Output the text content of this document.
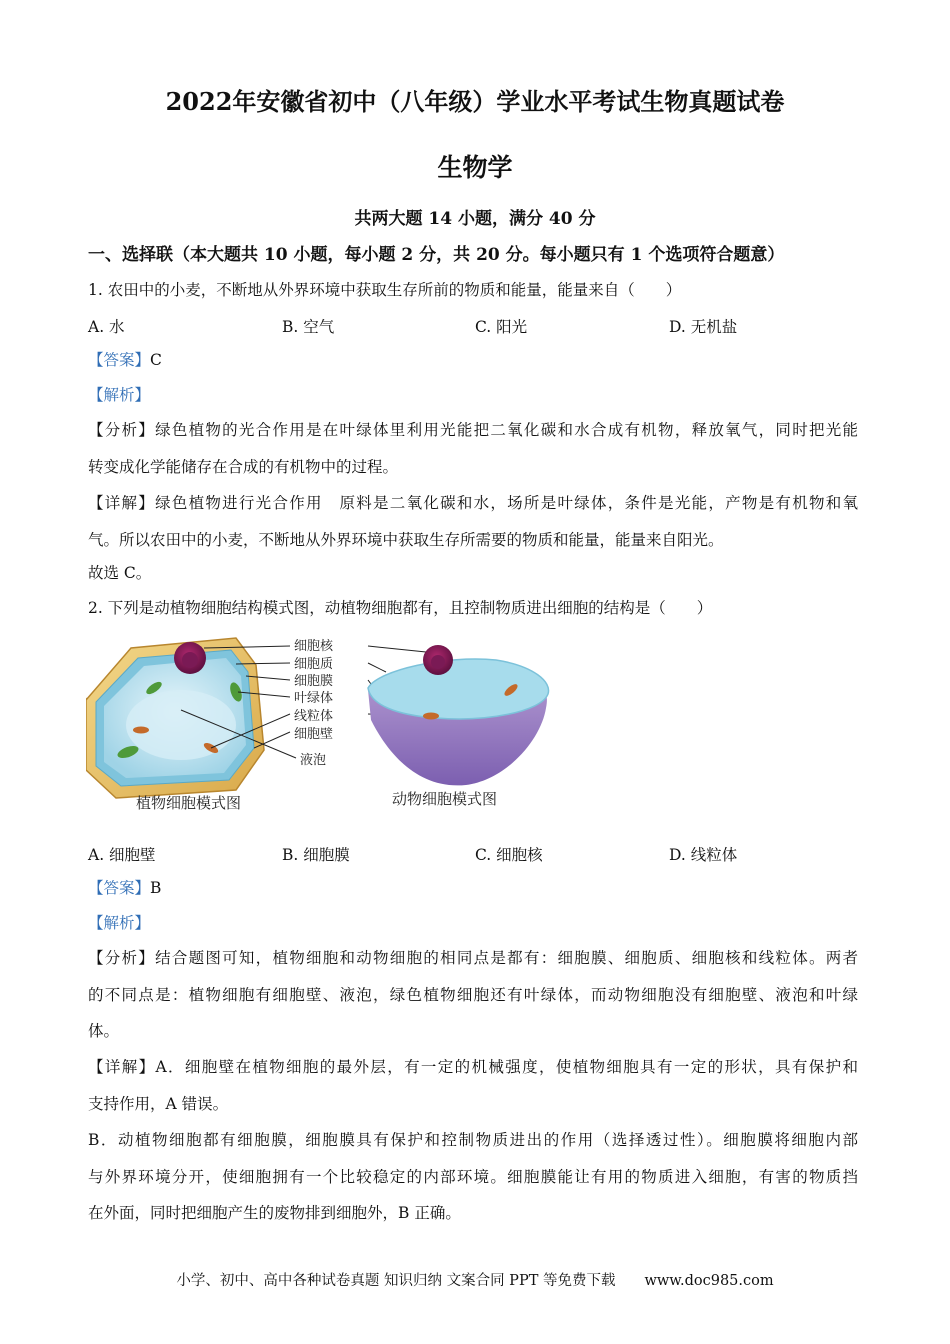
2022年安徽省初中（八年级）学业水平考试生物真题试卷
生物学
共两大题 14 小题，满分 40 分
一、选择联（本大题共 10 小题，每小题 2 分，共 20 分。每小题只有 1 个选项符合题意）
1. 农田中的小麦，不断地从外界环境中获取生存所前的物质和能量，能量来自（　　）
A. 水	B. 空气	C. 阳光	D. 无机盐
【答案】C
【解析】
【分析】绿色植物的光合作用是在叶绿体里利用光能把二氧化碳和水合成有机物，释放氧气，同时把光能
转变成化学能储存在合成的有机物中的过程。
【详解】绿色植物进行光合作用　原料是二氧化碳和水，场所是叶绿体，条件是光能，产物是有机物和氧
气。所以农田中的小麦，不断地从外界环境中获取生存所需要的物质和能量，能量来自阳光。
故选 C。
2. 下列是动植物细胞结构模式图，动植物细胞都有，且控制物质进出细胞的结构是（　　）
细胞核
细胞质
细胞膜
叶绿体
线粒体
细胞壁
液泡
植物细胞模式图	动物细胞模式图
A. 细胞壁	B. 细胞膜	C. 细胞核	D. 线粒体
【答案】B
【解析】
【分析】结合题图可知，植物细胞和动物细胞的相同点是都有：细胞膜、细胞质、细胞核和线粒体。两者
的不同点是：植物细胞有细胞壁、液泡，绿色植物细胞还有叶绿体，而动物细胞没有细胞壁、液泡和叶绿
体。
【详解】A．细胞壁在植物细胞的最外层，有一定的机械强度，使植物细胞具有一定的形状，具有保护和
支持作用，A 错误。
B．动植物细胞都有细胞膜，细胞膜具有保护和控制物质进出的作用（选择透过性）。细胞膜将细胞内部
与外界环境分开，使细胞拥有一个比较稳定的内部环境。细胞膜能让有用的物质进入细胞，有害的物质挡
在外面，同时把细胞产生的废物排到细胞外，B 正确。
小学、初中、高中各种试卷真题 知识归纳 文案合同 PPT 等免费下载　　www.doc985.com
